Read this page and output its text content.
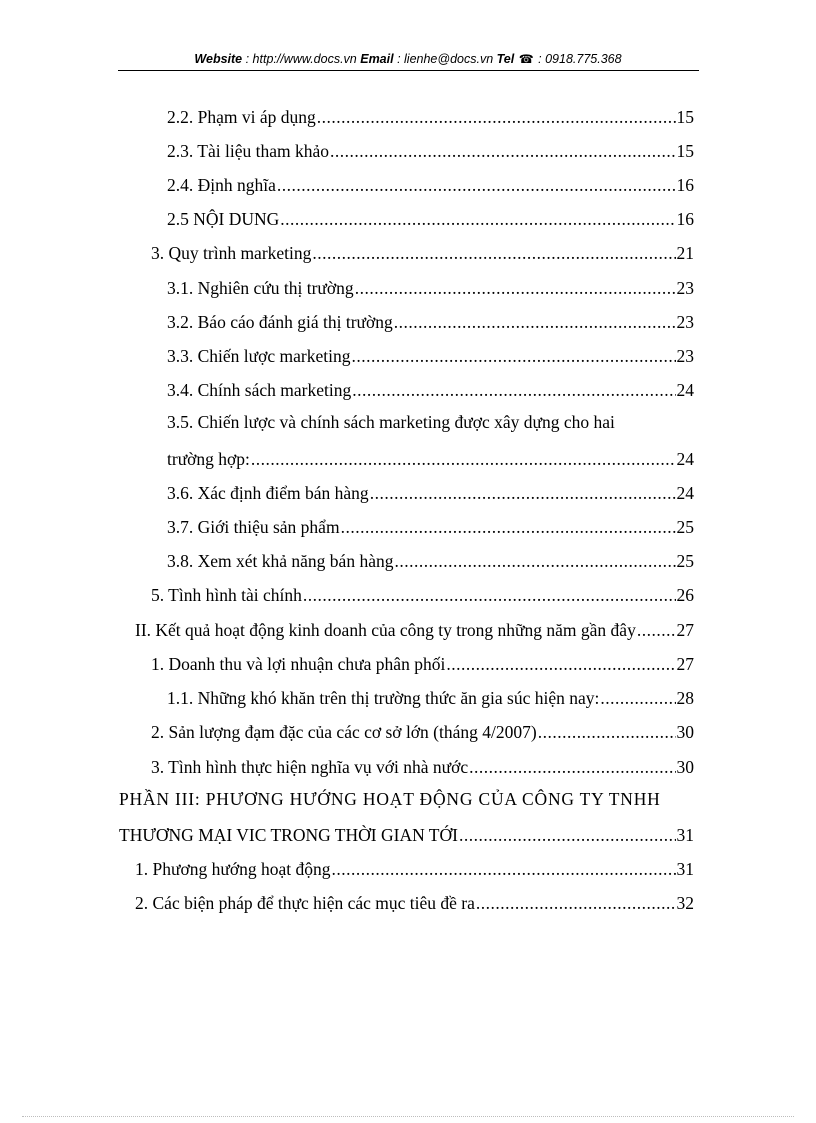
Website : http://www.docs.vn Email : lienhe@docs.vn Tel ☎ : 0918.775.368
2.2. Phạm vi áp dụng .....	15
2.3. Tài liệu tham khảo .....	15
2.4. Định nghĩa .....	16
2.5 NỘI DUNG .....	16
3. Quy trình marketing .....	21
3.1. Nghiên cứu thị trường .....	23
3.2. Báo cáo đánh giá thị trường .....	23
3.3. Chiến lược marketing .....	23
3.4. Chính sách marketing .....	24
3.5. Chiến lược và chính sách marketing được xây dựng cho hai
trường hợp: .....	24
3.6. Xác định điểm bán hàng .....	24
3.7. Giới thiệu sản phẩm .....	25
3.8. Xem xét khả năng bán hàng .....	25
5. Tình hình tài chính .....	26
II. Kết quả hoạt động kinh doanh của công ty trong những năm gần đây ..... 27
1. Doanh thu và lợi nhuận chưa phân phối .....	27
1.1. Những khó khăn trên thị trường thức ăn gia súc hiện nay: .....	28
2. Sản lượng đạm đặc của các cơ sở lớn (tháng 4/2007) .....	30
3. Tình hình thực hiện nghĩa vụ với nhà nước .....	30
PHẦN III: PHƯƠNG HƯỚNG HOẠT ĐỘNG CỦA CÔNG TY TNHH
THƯƠNG MẠI VIC TRONG THỜI GIAN TỚI .....	31
1. Phương hướng hoạt động .....	31
2. Các biện pháp để thực hiện các mục tiêu đề ra .....	32
